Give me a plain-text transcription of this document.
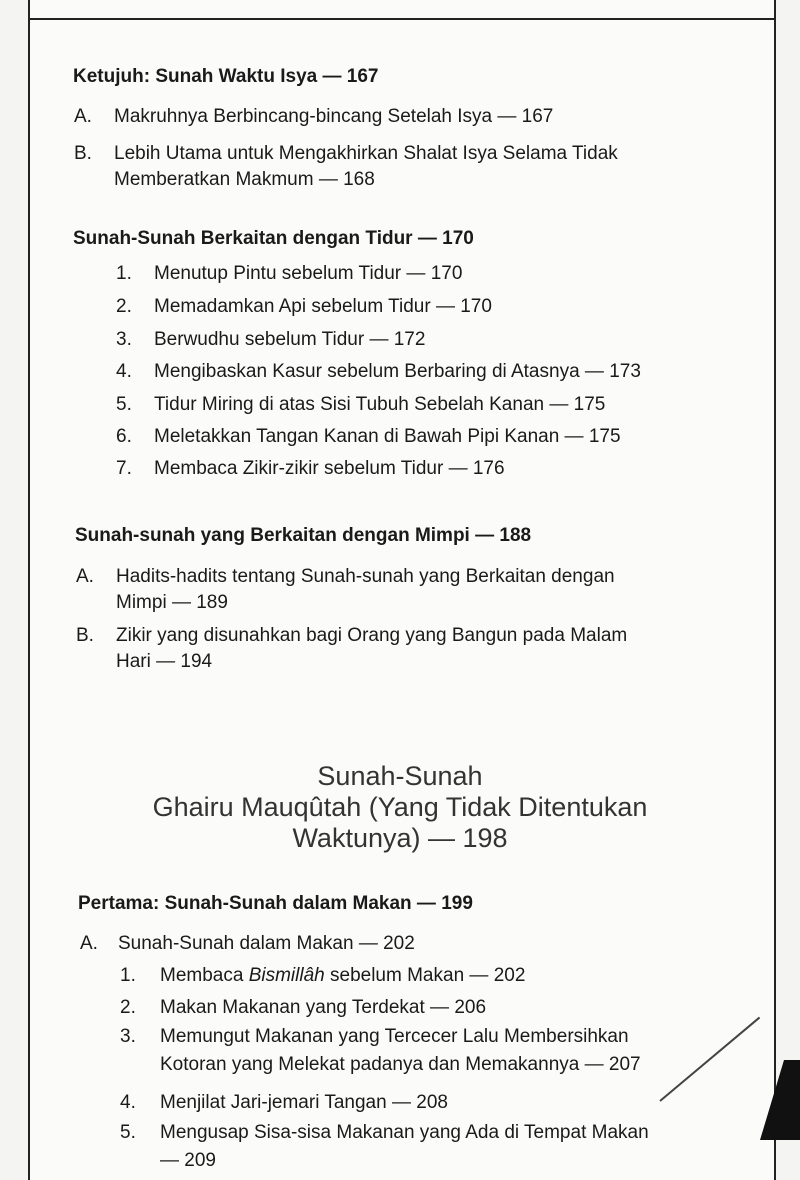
Ketujuh: Sunah Waktu Isya — 167
A. Makruhnya Berbincang-bincang Setelah Isya — 167
B. Lebih Utama untuk Mengakhirkan Shalat Isya Selama Tidak
Memberatkan Makmum — 168
Sunah-Sunah Berkaitan dengan Tidur — 170
1. Menutup Pintu sebelum Tidur — 170
2. Memadamkan Api sebelum Tidur — 170
3. Berwudhu sebelum Tidur — 172
4. Mengibaskan Kasur sebelum Berbaring di Atasnya — 173
5. Tidur Miring di atas Sisi Tubuh Sebelah Kanan — 175
6. Meletakkan Tangan Kanan di Bawah Pipi Kanan — 175
7. Membaca Zikir-zikir sebelum Tidur — 176
Sunah-sunah yang Berkaitan dengan Mimpi — 188
A. Hadits-hadits tentang Sunah-sunah yang Berkaitan dengan
Mimpi — 189
B. Zikir yang disunahkan bagi Orang yang Bangun pada Malam
Hari — 194
Sunah-Sunah
Ghairu Mauqûtah (Yang Tidak Ditentukan
Waktunya) — 198
Pertama: Sunah-Sunah dalam Makan — 199
A. Sunah-Sunah dalam Makan — 202
1. Membaca Bismillâh sebelum Makan — 202
2. Makan Makanan yang Terdekat — 206
3. Memungut Makanan yang Tercecer Lalu Membersihkan
Kotoran yang Melekat padanya dan Memakannya — 207
4. Menjilat Jari-jemari Tangan — 208
5. Mengusap Sisa-sisa Makanan yang Ada di Tempat Makan
— 209
